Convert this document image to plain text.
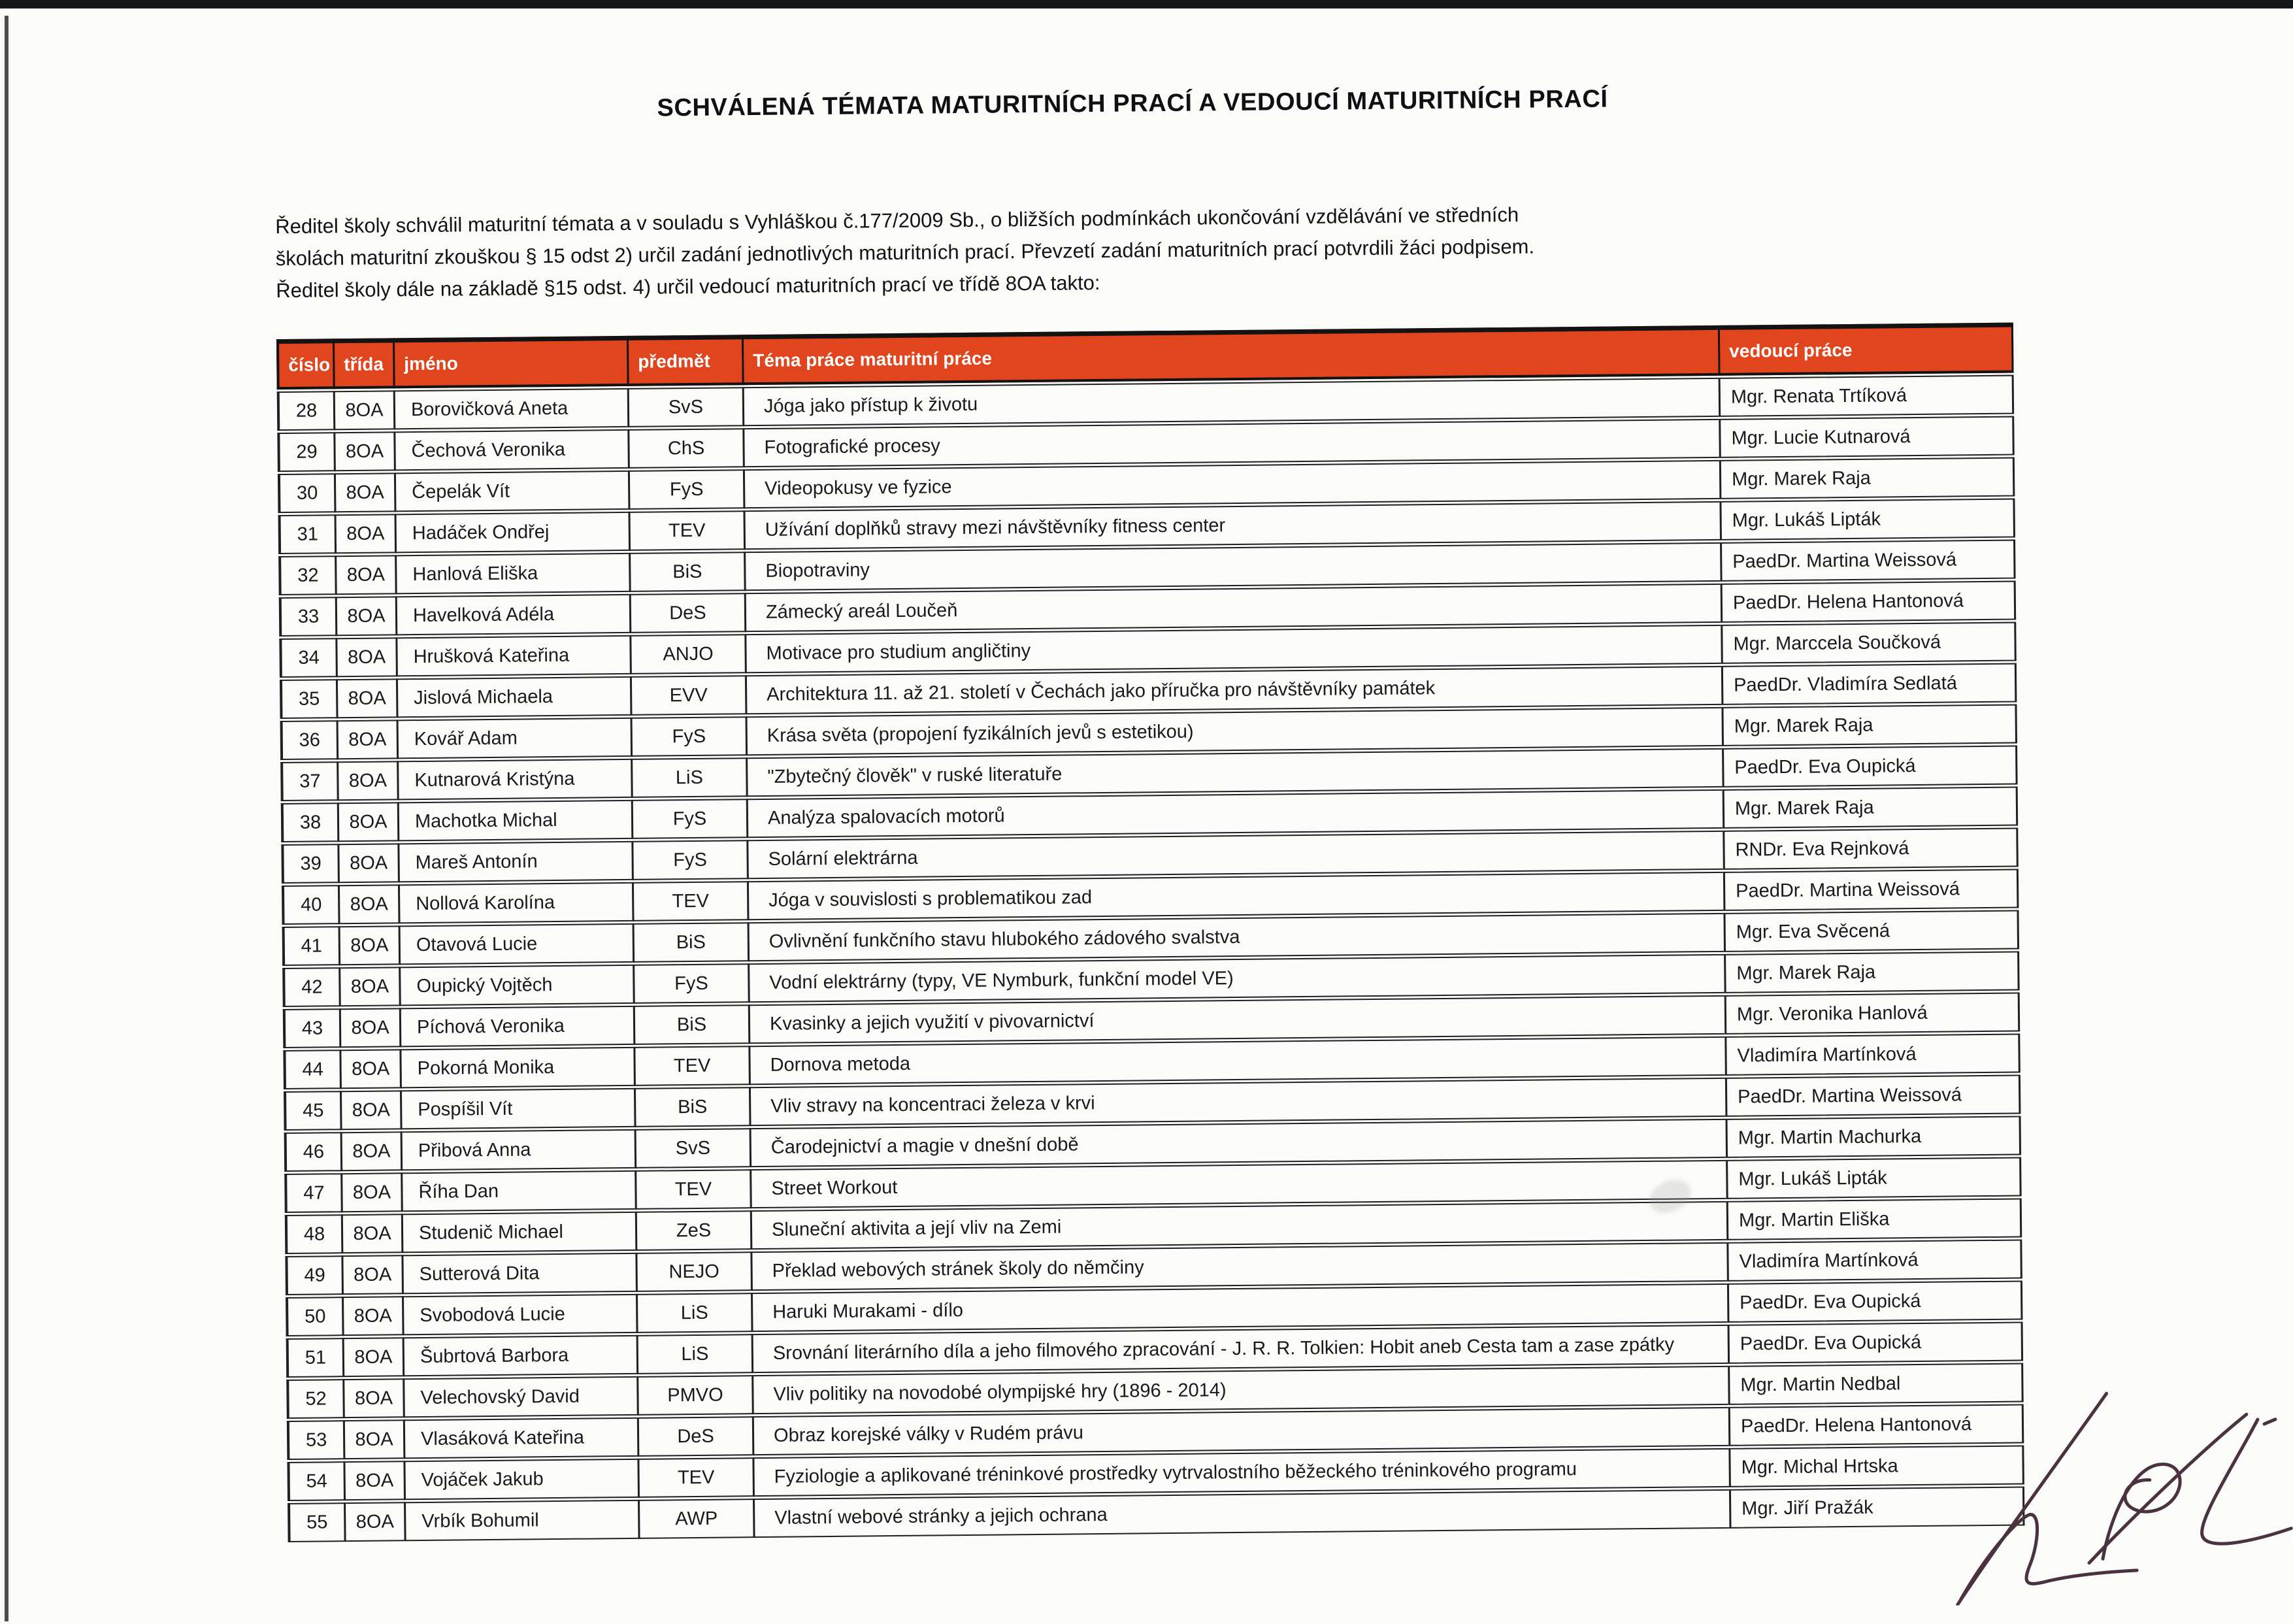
SCHVÁLENÁ TÉMATA MATURITNÍCH PRACÍ A VEDOUCÍ MATURITNÍCH PRACÍ
Ředitel školy schválil maturitní témata a v souladu s Vyhláškou č.177/2009 Sb., o bližších podmínkách ukončování vzdělávání ve středních
školách maturitní zkouškou § 15 odst 2) určil zadání jednotlivých maturitních prací. Převzetí zadání maturitních prací potvrdili žáci podpisem.
Ředitel školy dále na základě §15 odst. 4) určil vedoucí maturitních prací ve třídě 8OA takto:
číslo	třída	jméno	předmět	Téma práce maturitní práce	vedoucí práce
28	8OA	Borovičková Aneta	SvS	Jóga jako přístup k životu	Mgr. Renata Trtíková
29	8OA	Čechová Veronika	ChS	Fotografické procesy	Mgr. Lucie Kutnarová
30	8OA	Čepelák Vít	FyS	Videopokusy ve fyzice	Mgr. Marek Raja
31	8OA	Hadáček Ondřej	TEV	Užívání doplňků stravy mezi návštěvníky fitness center	Mgr. Lukáš Lipták
32	8OA	Hanlová Eliška	BiS	Biopotraviny	PaedDr. Martina Weissová
33	8OA	Havelková Adéla	DeS	Zámecký areál Loučeň	PaedDr. Helena Hantonová
34	8OA	Hrušková Kateřina	ANJO	Motivace pro studium angličtiny	Mgr. Marccela Součková
35	8OA	Jislová Michaela	EVV	Architektura 11. až 21. století v Čechách jako příručka pro návštěvníky památek	PaedDr. Vladimíra Sedlatá
36	8OA	Kovář Adam	FyS	Krása světa (propojení fyzikálních jevů s estetikou)	Mgr. Marek Raja
37	8OA	Kutnarová Kristýna	LiS	"Zbytečný člověk" v ruské literatuře	PaedDr. Eva Oupická
38	8OA	Machotka Michal	FyS	Analýza spalovacích motorů	Mgr. Marek Raja
39	8OA	Mareš Antonín	FyS	Solární elektrárna	RNDr. Eva Rejnková
40	8OA	Nollová Karolína	TEV	Jóga v souvislosti s problematikou zad	PaedDr. Martina Weissová
41	8OA	Otavová Lucie	BiS	Ovlivnění funkčního stavu hlubokého zádového svalstva	Mgr. Eva Svěcená
42	8OA	Oupický Vojtěch	FyS	Vodní elektrárny (typy, VE Nymburk, funkční model VE)	Mgr. Marek Raja
43	8OA	Píchová Veronika	BiS	Kvasinky a jejich využití v pivovarnictví	Mgr. Veronika Hanlová
44	8OA	Pokorná Monika	TEV	Dornova metoda	Vladimíra Martínková
45	8OA	Pospíšil Vít	BiS	Vliv stravy na koncentraci železa v krvi	PaedDr. Martina Weissová
46	8OA	Přibová Anna	SvS	Čarodejnictví a magie v dnešní době	Mgr. Martin Machurka
47	8OA	Říha Dan	TEV	Street Workout	Mgr. Lukáš Lipták
48	8OA	Studenič Michael	ZeS	Sluneční aktivita a její vliv na Zemi	Mgr. Martin Eliška
49	8OA	Sutterová Dita	NEJO	Překlad webových stránek školy do němčiny	Vladimíra Martínková
50	8OA	Svobodová Lucie	LiS	Haruki Murakami - dílo	PaedDr. Eva Oupická
51	8OA	Šubrtová Barbora	LiS	Srovnání literárního díla a jeho filmového zpracování - J. R. R. Tolkien: Hobit aneb Cesta tam a zase zpátky	PaedDr. Eva Oupická
52	8OA	Velechovský David	PMVO	Vliv politiky na novodobé olympijské hry (1896 - 2014)	Mgr. Martin Nedbal
53	8OA	Vlasáková Kateřina	DeS	Obraz korejské války v Rudém právu	PaedDr. Helena Hantonová
54	8OA	Vojáček Jakub	TEV	Fyziologie a aplikované tréninkové prostředky vytrvalostního běžeckého tréninkového programu	Mgr. Michal Hrtska
55	8OA	Vrbík Bohumil	AWP	Vlastní webové stránky a jejich ochrana	Mgr. Jiří Pražák
